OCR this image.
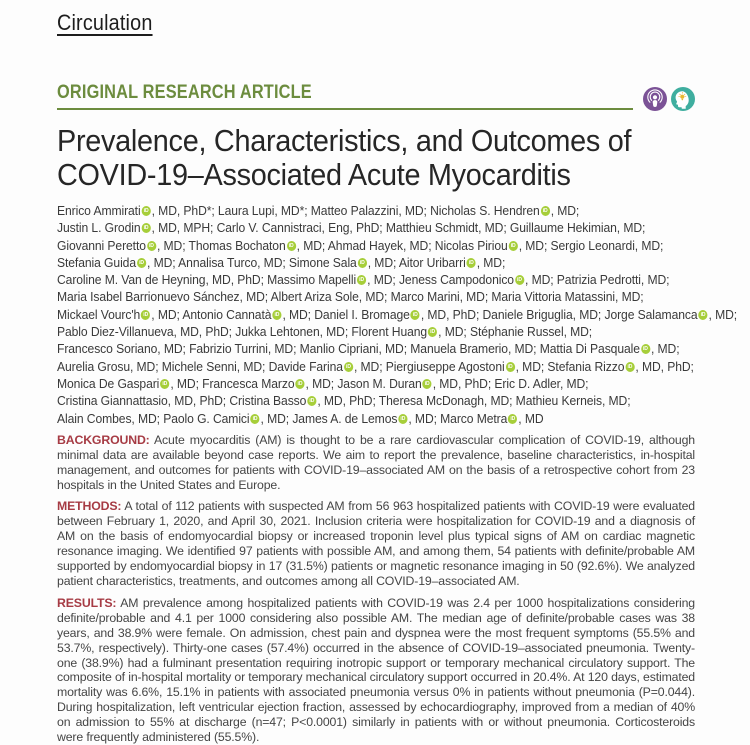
Circulation
ORIGINAL RESEARCH ARTICLE
Prevalence, Characteristics, and Outcomes of
COVID-19–Associated Acute Myocarditis
Enrico Ammirati iD , MD, PhD*; Laura Lupi, MD*; Matteo Palazzini, MD; Nicholas S. Hendren iD , MD;
Justin L. Grodin iD , MD, MPH; Carlo V. Cannistraci, Eng, PhD; Matthieu Schmidt, MD; Guillaume Hekimian, MD;
Giovanni Peretto iD , MD; Thomas Bochaton iD , MD; Ahmad Hayek, MD; Nicolas Piriou iD , MD; Sergio Leonardi, MD;
Stefania Guida iD , MD; Annalisa Turco, MD; Simone Sala iD , MD; Aitor Uribarri iD , MD;
Caroline M. Van de Heyning, MD, PhD; Massimo Mapelli iD , MD; Jeness Campodonico iD , MD; Patrizia Pedrotti, MD;
Maria Isabel Barrionuevo Sánchez, MD; Albert Ariza Sole, MD; Marco Marini, MD; Maria Vittoria Matassini, MD;
Mickael Vourc'h iD , MD; Antonio Cannatà iD , MD; Daniel I. Bromage iD , MD, PhD; Daniele Briguglia, MD; Jorge Salamanca iD , MD;
Pablo Diez-Villanueva, MD, PhD; Jukka Lehtonen, MD; Florent Huang iD , MD; Stéphanie Russel, MD;
Francesco Soriano, MD; Fabrizio Turrini, MD; Manlio Cipriani, MD; Manuela Bramerio, MD; Mattia Di Pasquale iD , MD;
Aurelia Grosu, MD; Michele Senni, MD; Davide Farina iD , MD; Piergiuseppe Agostoni iD , MD; Stefania Rizzo iD , MD, PhD;
Monica De Gaspari iD , MD; Francesca Marzo iD , MD; Jason M. Duran iD , MD, PhD; Eric D. Adler, MD;
Cristina Giannattasio, MD, PhD; Cristina Basso iD , MD, PhD; Theresa McDonagh, MD; Mathieu Kerneis, MD;
Alain Combes, MD; Paolo G. Camici iD , MD; James A. de Lemos iD , MD; Marco Metra iD , MD

BACKGROUND: Acute myocarditis (AM) is thought to be a rare cardiovascular complication of COVID-19, although minimal data are available beyond case reports. We aim to report the prevalence, baseline characteristics, in-hospital management, and outcomes for patients with COVID-19–associated AM on the basis of a retrospective cohort from 23 hospitals in the United States and Europe.

METHODS: A total of 112 patients with suspected AM from 56 963 hospitalized patients with COVID-19 were evaluated between February 1, 2020, and April 30, 2021. Inclusion criteria were hospitalization for COVID-19 and a diagnosis of AM on the basis of endomyocardial biopsy or increased troponin level plus typical signs of AM on cardiac magnetic resonance imaging. We identified 97 patients with possible AM, and among them, 54 patients with definite/probable AM supported by endomyocardial biopsy in 17 (31.5%) patients or magnetic resonance imaging in 50 (92.6%). We analyzed patient characteristics, treatments, and outcomes among all COVID-19–associated AM.

RESULTS: AM prevalence among hospitalized patients with COVID-19 was 2.4 per 1000 hospitalizations considering definite/probable and 4.1 per 1000 considering also possible AM. The median age of definite/probable cases was 38 years, and 38.9% were female. On admission, chest pain and dyspnea were the most frequent symptoms (55.5% and 53.7%, respectively). Thirty-one cases (57.4%) occurred in the absence of COVID-19–associated pneumonia. Twenty-one (38.9%) had a fulminant presentation requiring inotropic support or temporary mechanical circulatory support. The composite of in-hospital mortality or temporary mechanical circulatory support occurred in 20.4%. At 120 days, estimated mortality was 6.6%, 15.1% in patients with associated pneumonia versus 0% in patients without pneumonia (P=0.044). During hospitalization, left ventricular ejection fraction, assessed by echocardiography, improved from a median of 40% on admission to 55% at discharge (n=47; P<0.0001) similarly in patients with or without pneumonia. Corticosteroids were frequently administered (55.5%).
